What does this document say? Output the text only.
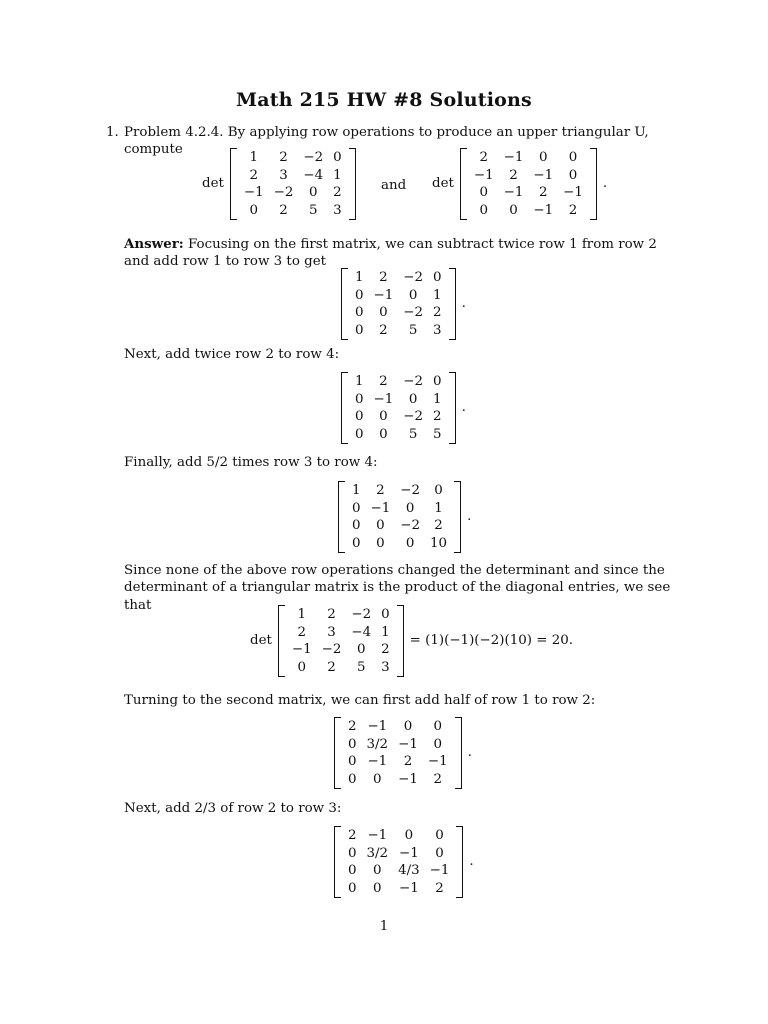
Math 215 HW #8 Solutions
1. Problem 4.2.4. By applying row operations to produce an upper triangular U, compute
det
1	2	−2	0
2	3	−4	1
−1	−2	0	2
0	2	5	3
and det
2	−1	0	0
−1	2	−1	0
0	−1	2	−1
0	0	−1	2
.
Answer: Focusing on the first matrix, we can subtract twice row 1 from row 2 and add row 1 to row 3 to get
1	2	−2	0
0	−1	0	1
0	0	−2	2
0	2	5	3
.
Next, add twice row 2 to row 4:
1	2	−2	0
0	−1	0	1
0	0	−2	2
0	0	5	5
.
Finally, add 5/2 times row 3 to row 4:
1	2	−2	0
0	−1	0	1
0	0	−2	2
0	0	0	10
.
Since none of the above row operations changed the determinant and since the determinant of a triangular matrix is the product of the diagonal entries, we see that
det
1	2	−2	0
2	3	−4	1
−1	−2	0	2
0	2	5	3
= (1)(−1)(−2)(10) = 20.
Turning to the second matrix, we can first add half of row 1 to row 2:
2	−1	0	0
0	3/2	−1	0
0	−1	2	−1
0	0	−1	2
.
Next, add 2/3 of row 2 to row 3:
2	−1	0	0
0	3/2	−1	0
0	0	4/3	−1
0	0	−1	2
.
1
